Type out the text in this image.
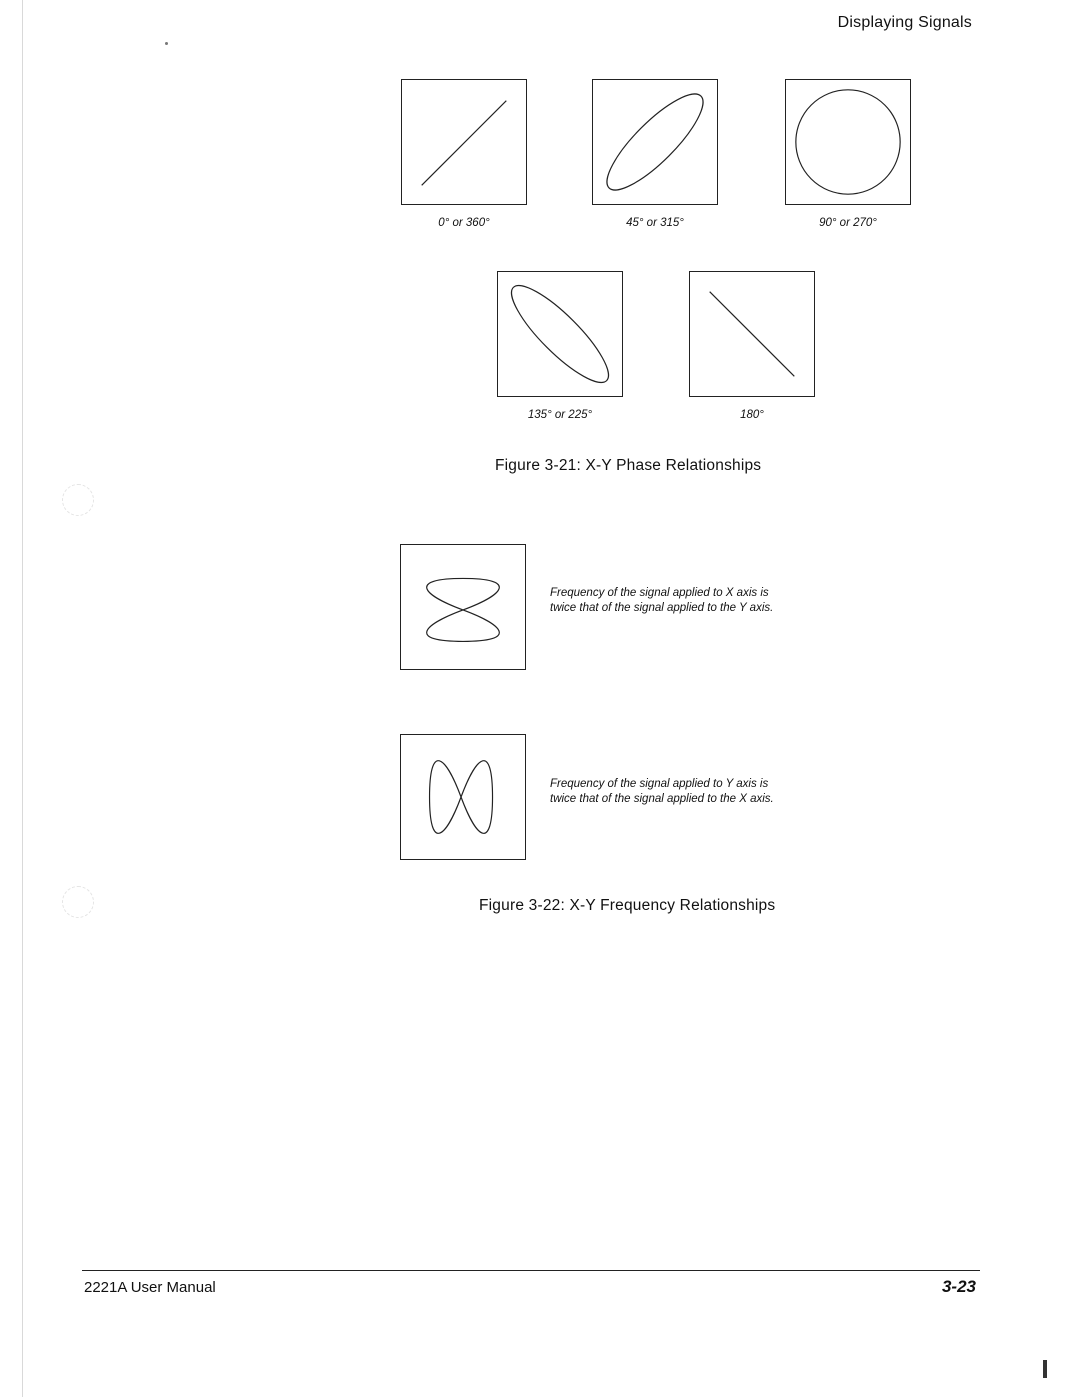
Displaying Signals
0° or 360°	45° or 315°	90° or 270°
135° or 225°	180°
Figure 3-21: X-Y Phase Relationships
Frequency of the signal applied to X axis is
twice that of the signal applied to the Y axis.
Frequency of the signal applied to Y axis is
twice that of the signal applied to the X axis.
Figure 3-22: X-Y Frequency Relationships
2221A User Manual	3-23
